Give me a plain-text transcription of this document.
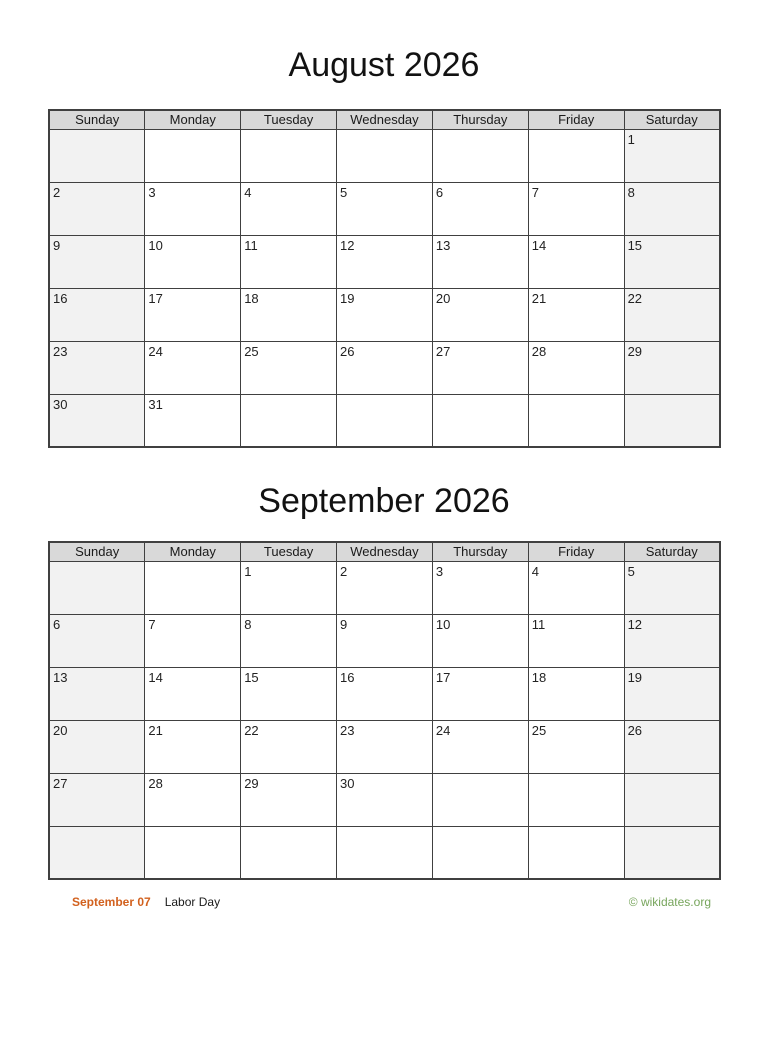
August 2026
Sunday	Monday	Tuesday	Wednesday	Thursday	Friday	Saturday
						1
2	3	4	5	6	7	8
9	10	11	12	13	14	15
16	17	18	19	20	21	22
23	24	25	26	27	28	29
30	31					
September 2026
Sunday	Monday	Tuesday	Wednesday	Thursday	Friday	Saturday
		1	2	3	4	5
6	7	8	9	10	11	12
13	14	15	16	17	18	19
20	21	22	23	24	25	26
27	28	29	30			

September 07 Labor Day	© wikidates.org
